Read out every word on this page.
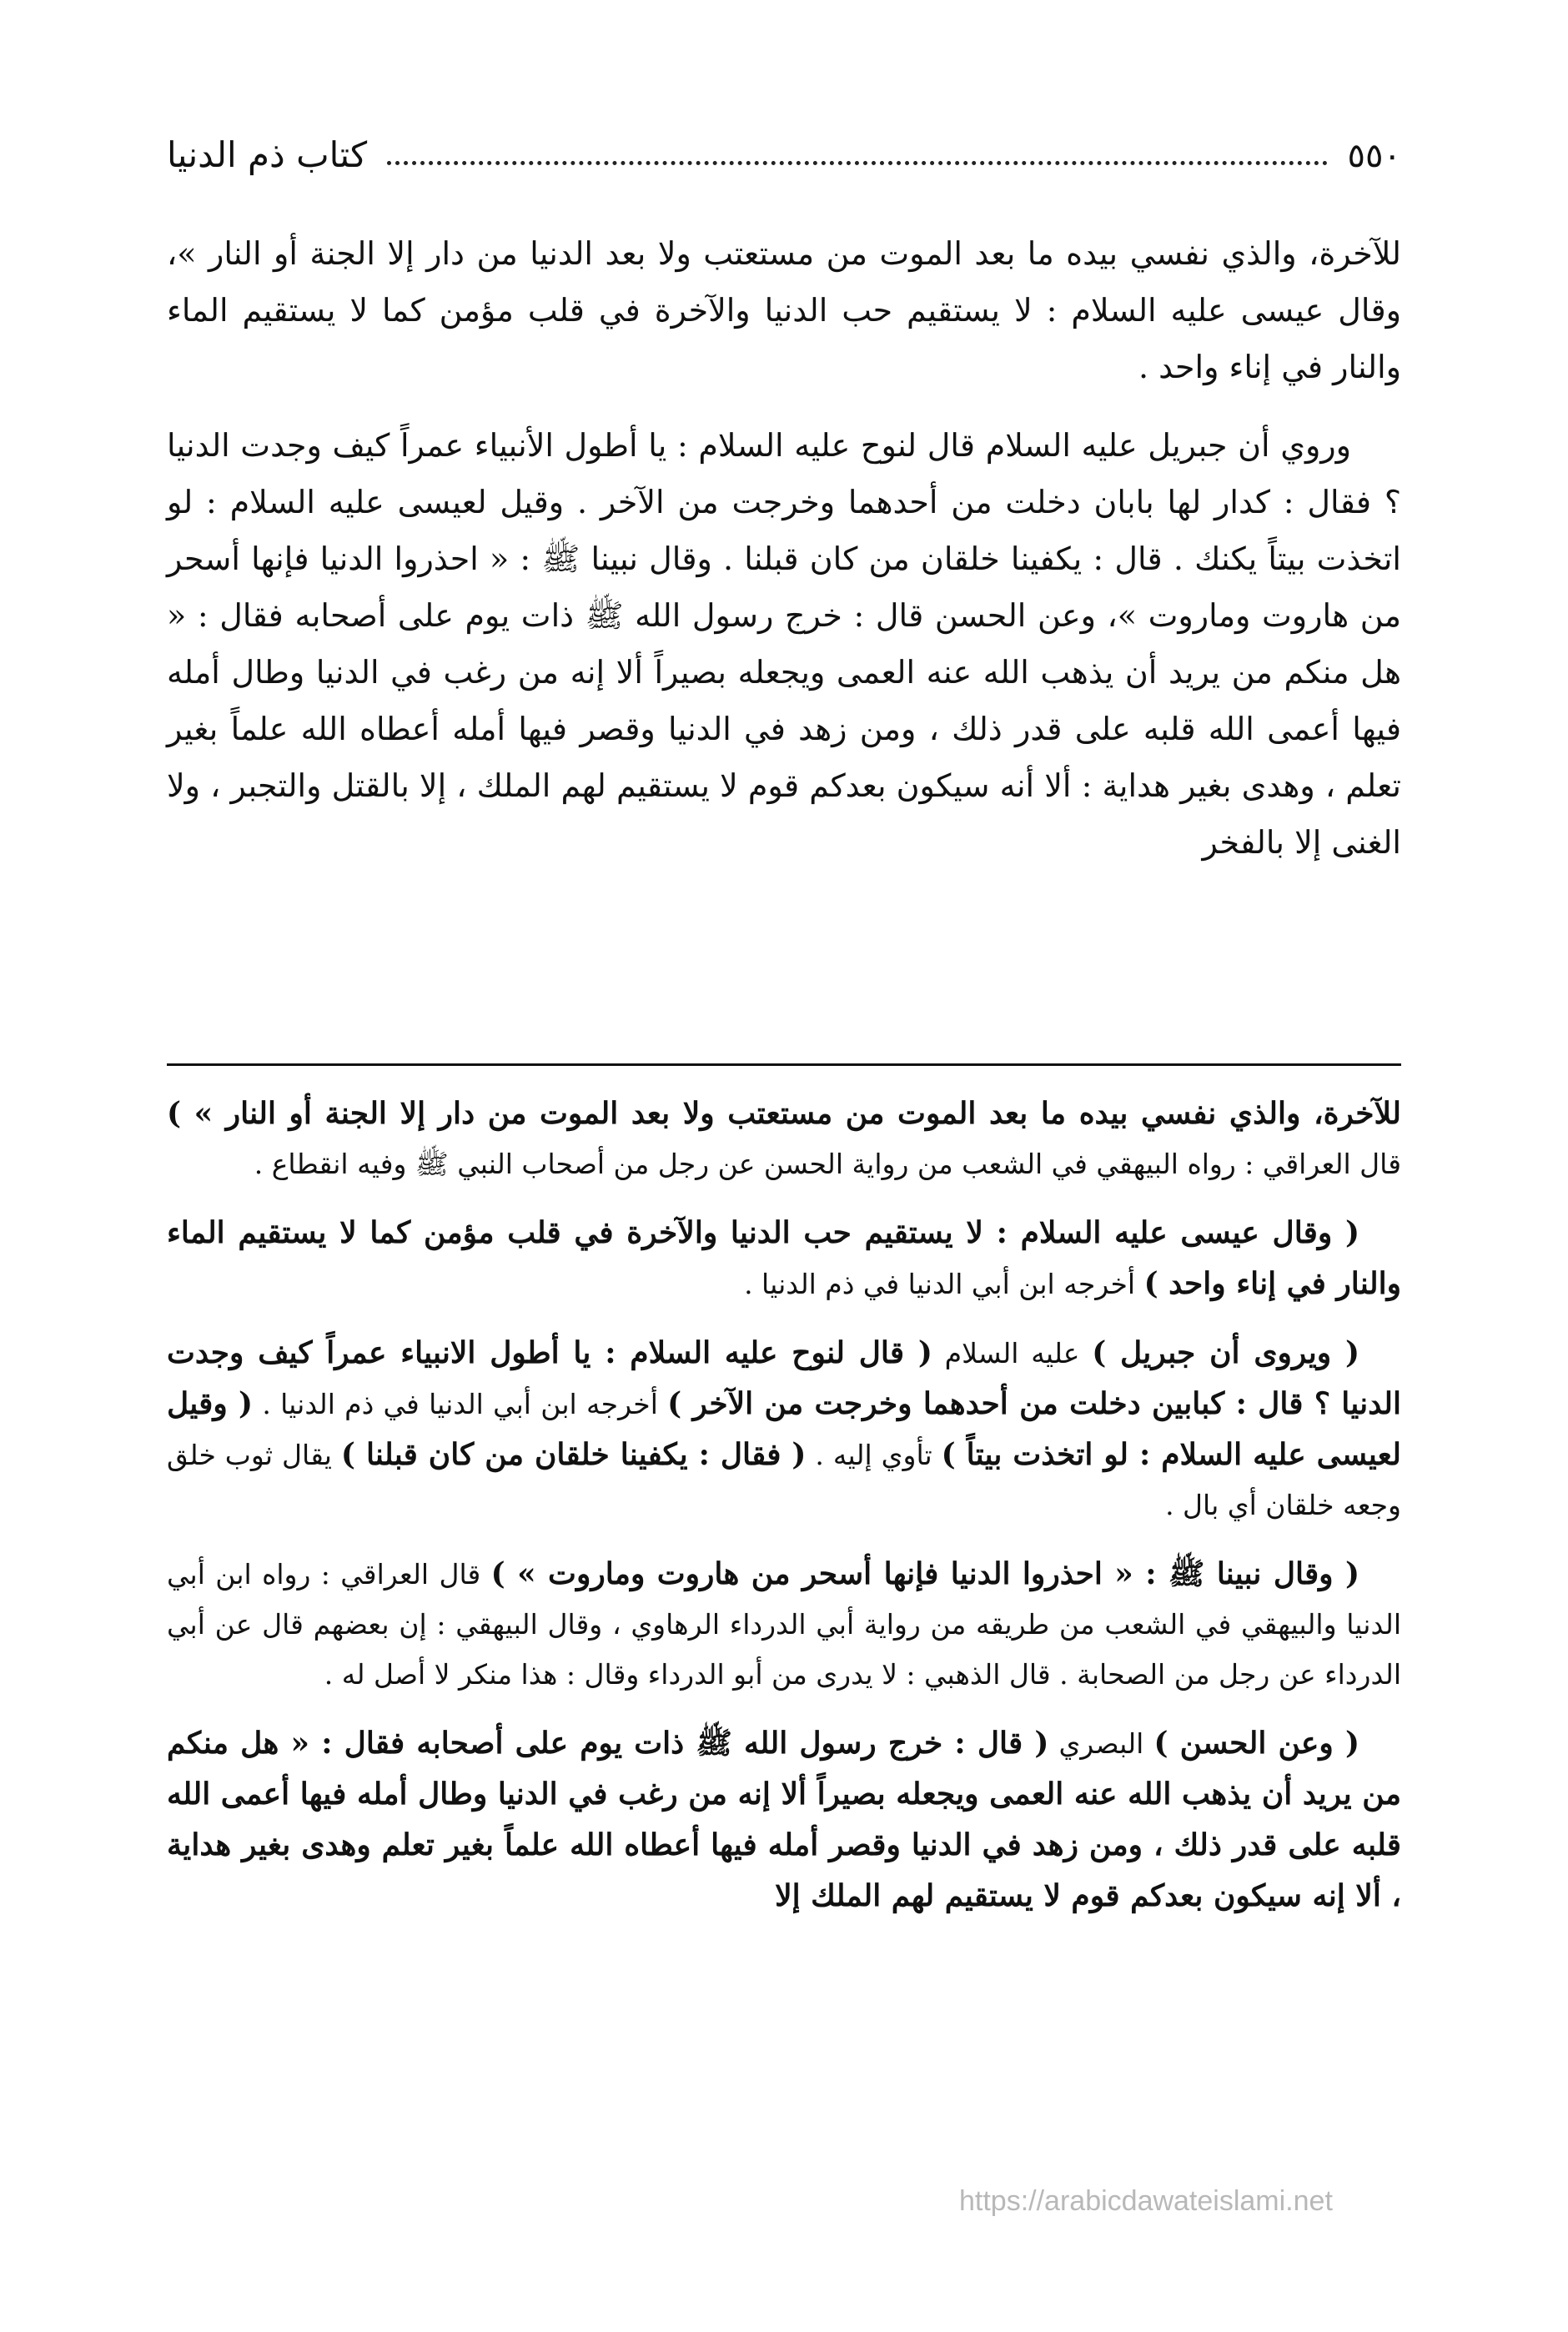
٥٥٠
كتاب ذم الدنيا

للآخرة، والذي نفسي بيده ما بعد الموت من مستعتب ولا بعد الدنيا من دار إلا الجنة أو النار »، وقال عيسى عليه السلام : لا يستقيم حب الدنيا والآخرة في قلب مؤمن كما لا يستقيم الماء والنار في إناء واحد .

وروي أن جبريل عليه السلام قال لنوح عليه السلام : يا أطول الأنبياء عمراً كيف وجدت الدنيا ؟ فقال : كدار لها بابان دخلت من أحدهما وخرجت من الآخر . وقيل لعيسى عليه السلام : لو اتخذت بيتاً يكنك . قال : يكفينا خلقان من كان قبلنا . وقال نبينا ﷺ : « احذروا الدنيا فإنها أسحر من هاروت وماروت »، وعن الحسن قال : خرج رسول الله ﷺ ذات يوم على أصحابه فقال : « هل منكم من يريد أن يذهب الله عنه العمى ويجعله بصيراً ألا إنه من رغب في الدنيا وطال أمله فيها أعمى الله قلبه على قدر ذلك ، ومن زهد في الدنيا وقصر فيها أمله أعطاه الله علماً بغير تعلم ، وهدى بغير هداية : ألا أنه سيكون بعدكم قوم لا يستقيم لهم الملك ، إلا بالقتل والتجبر ، ولا الغنى إلا بالفخر

للآخرة، والذي نفسي بيده ما بعد الموت من مستعتب ولا بعد الموت من دار إلا الجنة أو النار » ) قال العراقي : رواه البيهقي في الشعب من رواية الحسن عن رجل من أصحاب النبي ﷺ وفيه انقطاع .

( وقال عيسى عليه السلام : لا يستقيم حب الدنيا والآخرة في قلب مؤمن كما لا يستقيم الماء والنار في إناء واحد ) أخرجه ابن أبي الدنيا في ذم الدنيا .

( ويروى أن جبريل ) عليه السلام ( قال لنوح عليه السلام : يا أطول الانبياء عمراً كيف وجدت الدنيا ؟ قال : كبابين دخلت من أحدهما وخرجت من الآخر ) أخرجه ابن أبي الدنيا في ذم الدنيا . ( وقيل لعيسى عليه السلام : لو اتخذت بيتاً ) تأوي إليه . ( فقال : يكفينا خلقان من كان قبلنا ) يقال ثوب خلق وجعه خلقان أي بال .

( وقال نبينا ﷺ : « احذروا الدنيا فإنها أسحر من هاروت وماروت » ) قال العراقي : رواه ابن أبي الدنيا والبيهقي في الشعب من طريقه من رواية أبي الدرداء الرهاوي ، وقال البيهقي : إن بعضهم قال عن أبي الدرداء عن رجل من الصحابة . قال الذهبي : لا يدرى من أبو الدرداء وقال : هذا منكر لا أصل له .

( وعن الحسن ) البصري ( قال : خرج رسول الله ﷺ ذات يوم على أصحابه فقال : « هل منكم من يريد أن يذهب الله عنه العمى ويجعله بصيراً ألا إنه من رغب في الدنيا وطال أمله فيها أعمى الله قلبه على قدر ذلك ، ومن زهد في الدنيا وقصر أمله فيها أعطاه الله علماً بغير تعلم وهدى بغير هداية ، ألا إنه سيكون بعدكم قوم لا يستقيم لهم الملك إلا

https://arabicdawateislami.net
